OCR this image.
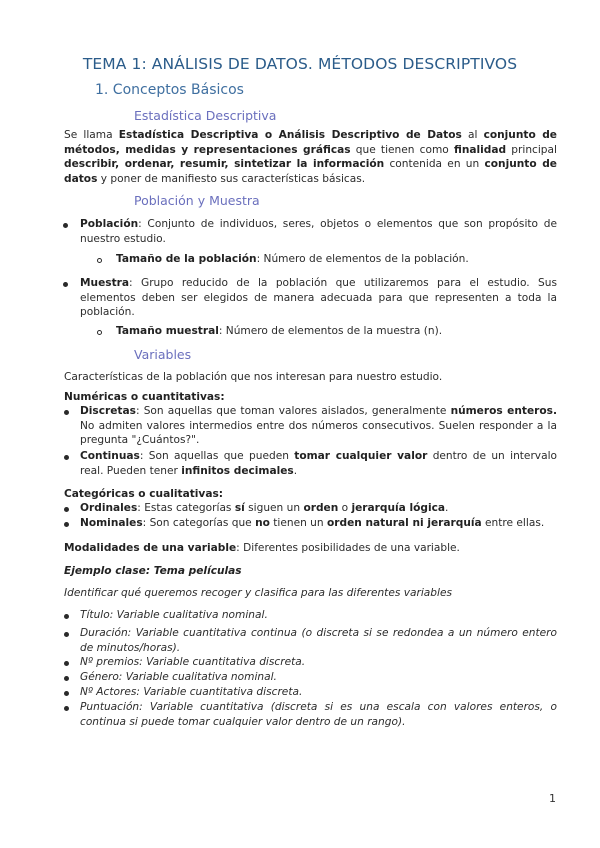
TEMA 1: ANÁLISIS DE DATOS. MÉTODOS DESCRIPTIVOS
1. Conceptos Básicos
Estadística Descriptiva
Se llama Estadística Descriptiva o Análisis Descriptivo de Datos al conjunto de métodos, medidas y representaciones gráficas que tienen como finalidad principal describir, ordenar, resumir, sintetizar la información contenida en un conjunto de datos y poner de manifiesto sus características básicas.
Población y Muestra
Población: Conjunto de individuos, seres, objetos o elementos que son propósito de nuestro estudio.
Tamaño de la población: Número de elementos de la población.
Muestra: Grupo reducido de la población que utilizaremos para el estudio. Sus elementos deben ser elegidos de manera adecuada para que representen a toda la población.
Tamaño muestral: Número de elementos de la muestra (n).
Variables
Características de la población que nos interesan para nuestro estudio.
Numéricas o cuantitativas:
Discretas: Son aquellas que toman valores aislados, generalmente números enteros. No admiten valores intermedios entre dos números consecutivos. Suelen responder a la pregunta "¿Cuántos?".
Continuas: Son aquellas que pueden tomar cualquier valor dentro de un intervalo real. Pueden tener infinitos decimales.
Categóricas o cualitativas:
Ordinales: Estas categorías sí siguen un orden o jerarquía lógica.
Nominales: Son categorías que no tienen un orden natural ni jerarquía entre ellas.
Modalidades de una variable: Diferentes posibilidades de una variable.
Ejemplo clase: Tema películas
Identificar qué queremos recoger y clasifica para las diferentes variables
Título: Variable cualitativa nominal.
Duración: Variable cuantitativa continua (o discreta si se redondea a un número entero de minutos/horas).
Nº premios: Variable cuantitativa discreta.
Género: Variable cualitativa nominal.
Nº Actores: Variable cuantitativa discreta.
Puntuación: Variable cuantitativa (discreta si es una escala con valores enteros, o continua si puede tomar cualquier valor dentro de un rango).
1
